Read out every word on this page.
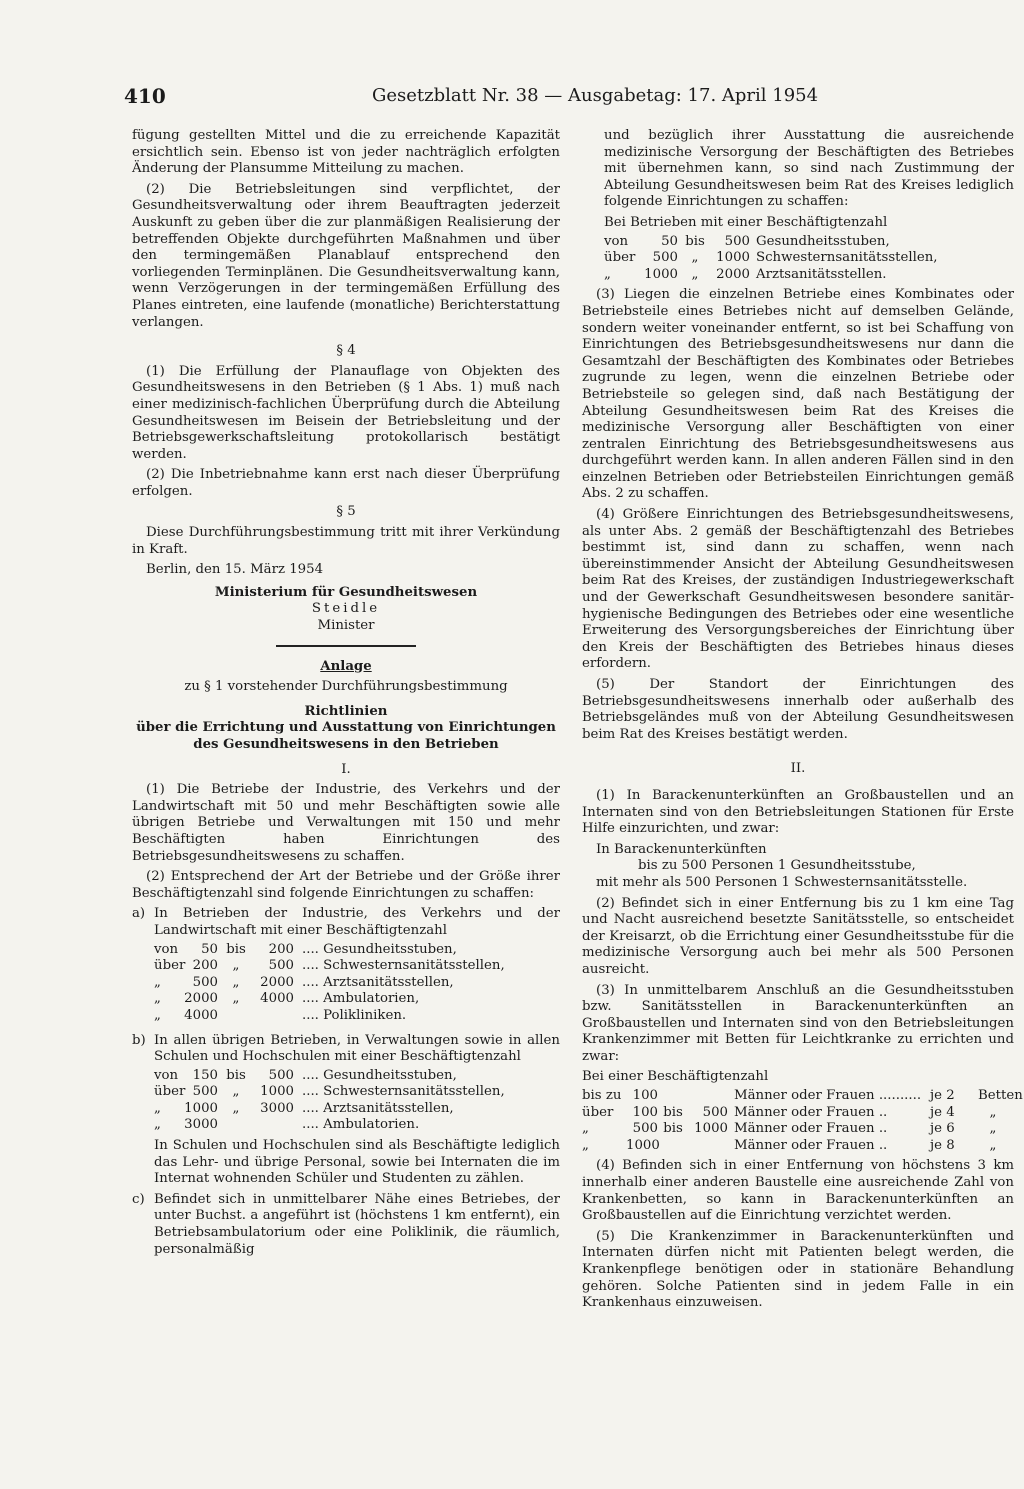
410	Gesetzblatt Nr. 38 — Ausgabetag: 17. April 1954

fügung gestellten Mittel und die zu erreichende Kapazität ersichtlich sein. Ebenso ist von jeder nachträglich erfolgten Änderung der Plansumme Mitteilung zu machen.

(2) Die Betriebsleitungen sind verpflichtet, der Gesundheitsverwaltung oder ihrem Beauftragten jederzeit Auskunft zu geben über die zur planmäßigen Realisierung der betreffenden Objekte durchgeführten Maßnahmen und über den termingemäßen Planablauf entsprechend den vorliegenden Terminplänen. Die Gesundheitsverwaltung kann, wenn Verzögerungen in der termingemäßen Erfüllung des Planes eintreten, eine laufende (monatliche) Berichterstattung verlangen.

§ 4

(1) Die Erfüllung der Planauflage von Objekten des Gesundheitswesens in den Betrieben (§ 1 Abs. 1) muß nach einer medizinisch-fachlichen Überprüfung durch die Abteilung Gesundheitswesen im Beisein der Betriebsleitung und der Betriebsgewerkschaftsleitung protokollarisch bestätigt werden.

(2) Die Inbetriebnahme kann erst nach dieser Überprüfung erfolgen.

§ 5

Diese Durchführungsbestimmung tritt mit ihrer Verkündung in Kraft.

Berlin, den 15. März 1954

Ministerium für Gesundheitswesen
Steidle
Minister
Anlage
zu § 1 vorstehender Durchführungsbestimmung
Richtlinien
über die Errichtung und Ausstattung von Einrichtungen des Gesundheitswesens in den Betrieben
I.

(1) Die Betriebe der Industrie, des Verkehrs und der Landwirtschaft mit 50 und mehr Beschäftigten sowie alle übrigen Betriebe und Verwaltungen mit 150 und mehr Beschäftigten haben Einrichtungen des Betriebsgesundheitswesens zu schaffen.

(2) Entsprechend der Art der Betriebe und der Größe ihrer Beschäftigtenzahl sind folgende Einrichtungen zu schaffen:

a) In Betrieben der Industrie, des Verkehrs und der Landwirtschaft mit einer Beschäftigtenzahl
von	50 bis	200 .... Gesundheitsstuben,
über 200	„	500 .... Schwesternsanitätsstellen,
„	500	„	2000 .... Arztsanitätsstellen,
„	2000	„	4000 .... Ambulatorien,
„	4000	.... Polikliniken.
b) In allen übrigen Betrieben, in Verwaltungen sowie in allen Schulen und Hochschulen mit einer Beschäftigtenzahl
von	150 bis	500 .... Gesundheitsstuben,
über 500	„	1000 .... Schwesternsanitätsstellen,
„	1000	„	3000 .... Arztsanitätsstellen,
„	3000	.... Ambulatorien.
In Schulen und Hochschulen sind als Beschäftigte lediglich das Lehr- und übrige Personal, sowie bei Internaten die im Internat wohnenden Schüler und Studenten zu zählen.
c) Befindet sich in unmittelbarer Nähe eines Betriebes, der unter Buchst. a angeführt ist (höchstens 1 km entfernt), ein Betriebsambulatorium oder eine Poliklinik, die räumlich, personalmäßig

und bezüglich ihrer Ausstattung die ausreichende medizinische Versorgung der Beschäftigten des Betriebes mit übernehmen kann, so sind nach Zustimmung der Abteilung Gesundheitswesen beim Rat des Kreises lediglich folgende Einrichtungen zu schaffen:

Bei Betrieben mit einer Beschäftigtenzahl
von	50 bis	500 Gesundheitsstuben,
über	500	„	1000 Schwesternsanitätsstellen,
„	1000	„	2000 Arztsanitätsstellen.

(3) Liegen die einzelnen Betriebe eines Kombinates oder Betriebsteile eines Betriebes nicht auf demselben Gelände, sondern weiter voneinander entfernt, so ist bei Schaffung von Einrichtungen des Betriebsgesundheitswesens nur dann die Gesamtzahl der Beschäftigten des Kombinates oder Betriebes zugrunde zu legen, wenn die einzelnen Betriebe oder Betriebsteile so gelegen sind, daß nach Bestätigung der Abteilung Gesundheitswesen beim Rat des Kreises die medizinische Versorgung aller Beschäftigten von einer zentralen Einrichtung des Betriebsgesundheitswesens aus durchgeführt werden kann. In allen anderen Fällen sind in den einzelnen Betrieben oder Betriebsteilen Einrichtungen gemäß Abs. 2 zu schaffen.

(4) Größere Einrichtungen des Betriebsgesundheitswesens, als unter Abs. 2 gemäß der Beschäftigtenzahl des Betriebes bestimmt ist, sind dann zu schaffen, wenn nach übereinstimmender Ansicht der Abteilung Gesundheitswesen beim Rat des Kreises, der zuständigen Industriegewerkschaft und der Gewerkschaft Gesundheitswesen besondere sanitär-hygienische Bedingungen des Betriebes oder eine wesentliche Erweiterung des Versorgungsbereiches der Einrichtung über den Kreis der Beschäftigten des Betriebes hinaus dieses erfordern.

(5) Der Standort der Einrichtungen des Betriebsgesundheitswesens innerhalb oder außerhalb des Betriebsgeländes muß von der Abteilung Gesundheitswesen beim Rat des Kreises bestätigt werden.

II.

(1) In Barackenunterkünften an Großbaustellen und an Internaten sind von den Betriebsleitungen Stationen für Erste Hilfe einzurichten, und zwar:

In Barackenunterkünften
bis zu 500 Personen 1 Gesundheitsstube,
mit mehr als 500 Personen 1 Schwesternsanitätsstelle.

(2) Befindet sich in einer Entfernung bis zu 1 km eine Tag und Nacht ausreichend besetzte Sanitätsstelle, so entscheidet der Kreisarzt, ob die Errichtung einer Gesundheitsstube für die medizinische Versorgung auch bei mehr als 500 Personen ausreicht.

(3) In unmittelbarem Anschluß an die Gesundheitsstuben bzw. Sanitätsstellen in Barackenunterkünften an Großbaustellen und Internaten sind von den Betriebsleitungen Krankenzimmer mit Betten für Leichtkranke zu errichten und zwar:

Bei einer Beschäftigtenzahl
bis zu 100	Männer oder Frauen .......... je 2	Betten
über	100 bis	500 Männer oder Frauen ..	je 4	„
„	500 bis 1000 Männer oder Frauen ..	je 6	„
„	1000	Männer oder Frauen ..	je 8	„

(4) Befinden sich in einer Entfernung von höchstens 3 km innerhalb einer anderen Baustelle eine ausreichende Zahl von Krankenbetten, so kann in Barackenunterkünften an Großbaustellen auf die Einrichtung verzichtet werden.

(5) Die Krankenzimmer in Barackenunterkünften und Internaten dürfen nicht mit Patienten belegt werden, die Krankenpflege benötigen oder in stationäre Behandlung gehören. Solche Patienten sind in jedem Falle in ein Krankenhaus einzuweisen.
